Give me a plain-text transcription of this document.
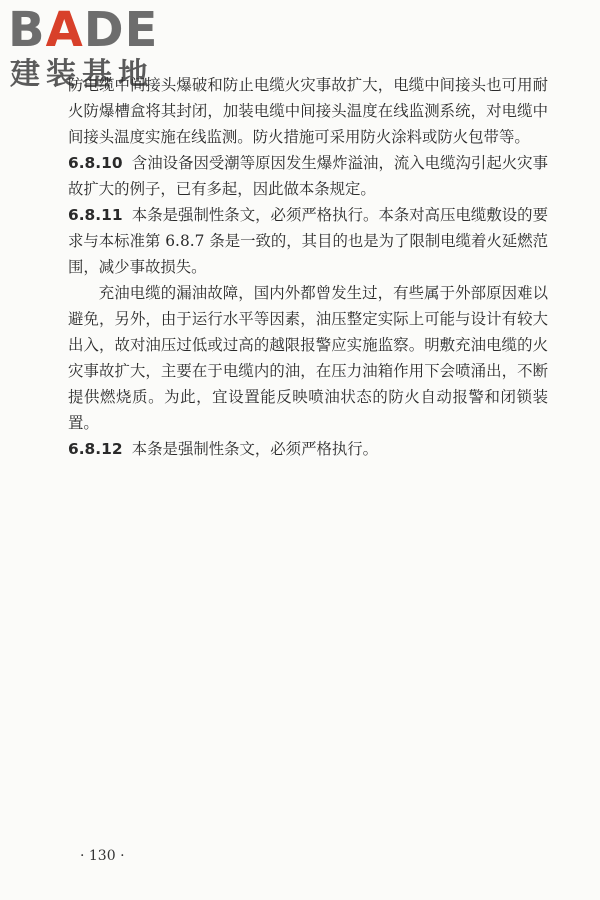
BADE
建装基地

防电缆中间接头爆破和防止电缆火灾事故扩大，电缆中间接头也可用耐火防爆槽盒将其封闭，加装电缆中间接头温度在线监测系统，对电缆中间接头温度实施在线监测。防火措施可采用防火涂料或防火包带等。

6.8.10 含油设备因受潮等原因发生爆炸溢油，流入电缆沟引起火灾事故扩大的例子，已有多起，因此做本条规定。

6.8.11 本条是强制性条文，必须严格执行。本条对高压电缆敷设的要求与本标准第 6.8.7 条是一致的，其目的也是为了限制电缆着火延燃范围，减少事故损失。

充油电缆的漏油故障，国内外都曾发生过，有些属于外部原因难以避免，另外，由于运行水平等因素，油压整定实际上可能与设计有较大出入，故对油压过低或过高的越限报警应实施监察。明敷充油电缆的火灾事故扩大，主要在于电缆内的油，在压力油箱作用下会喷涌出，不断提供燃烧质。为此，宜设置能反映喷油状态的防火自动报警和闭锁装置。

6.8.12 本条是强制性条文，必须严格执行。

· 130 ·
